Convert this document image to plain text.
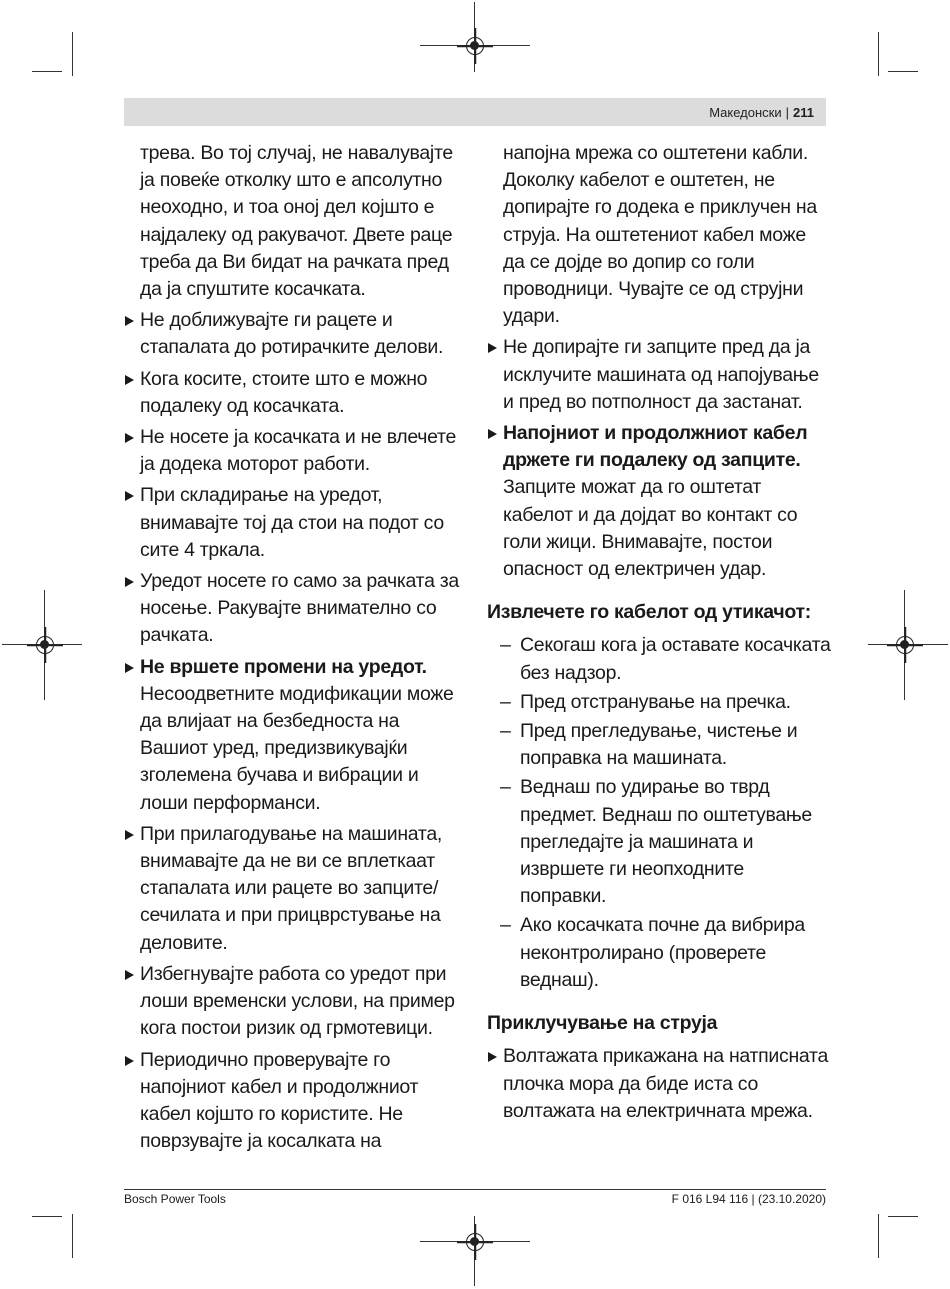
Македонски | 211

трева. Во тој случај, не навалувајте ја повеќе отколку што е апсолутно неоходно, и тоа оној дел којшто е најдалеку од ракувачот. Двете раце треба да Ви бидат на рачката пред да ја спуштите косачката.

Не доближувајте ги рацете и стапалата до ротирачките делови.
Кога косите, стоите што е можно подалеку од косачката.
Не носете ја косачката и не влечете ја додека моторот работи.
При складирање на уредот, внимавајте тој да стои на подот со сите 4 тркала.
Уредот носете го само за рачката за носење. Ракувајте внимателно со рачката.
Не вршете промени на уредот.
Несоодветните модификации може да влијаат на безбедноста на Вашиот уред, предизвикувајќи зголемена бучава и вибрации и лоши перформанси.
При прилагодување на машината, внимавајте да не ви се вплеткаат стапалата или рацете во запците/сечилата и при прицврстување на деловите.
Избегнувајте работа со уредот при лоши временски услови, на пример кога постои ризик од грмотевици.
Периодично проверувајте го напојниот кабел и продолжниот кабел којшто го користите. Не поврзувајте ја косалката на

напојна мрежа со оштетени кабли. Доколку кабелот е оштетен, не допирајте го додека е приклучен на струја. На оштетениот кабел може да се дојде во допир со голи проводници. Чувајте се од струјни удари.

Не допирајте ги запците пред да ја исклучите машината од напојување и пред во потполност да застанат.
Напојниот и продолжниот кабел држете ги подалеку од запците.
Запците можат да го оштетат кабелот и да дојдат во контакт со голи жици. Внимавајте, постои опасност од електричен удар.
Извлечете го кабелот од утикачот:
– Секогаш кога ја оставате косачката без надзор.
– Пред отстранување на пречка.
– Пред прегледување, чистење и поправка на машината.
– Веднаш по удирање во тврд предмет. Веднаш по оштетување прегледајте ја машината и извршете ги неопходните поправки.
– Ако косачката почне да вибрира неконтролирано (проверете веднаш).
Приклучување на струја
Волтажата прикажана на натписната плочка мора да биде иста со волтажата на електричната мрежа.
Bosch Power Tools	F 016 L94 116 | (23.10.2020)
